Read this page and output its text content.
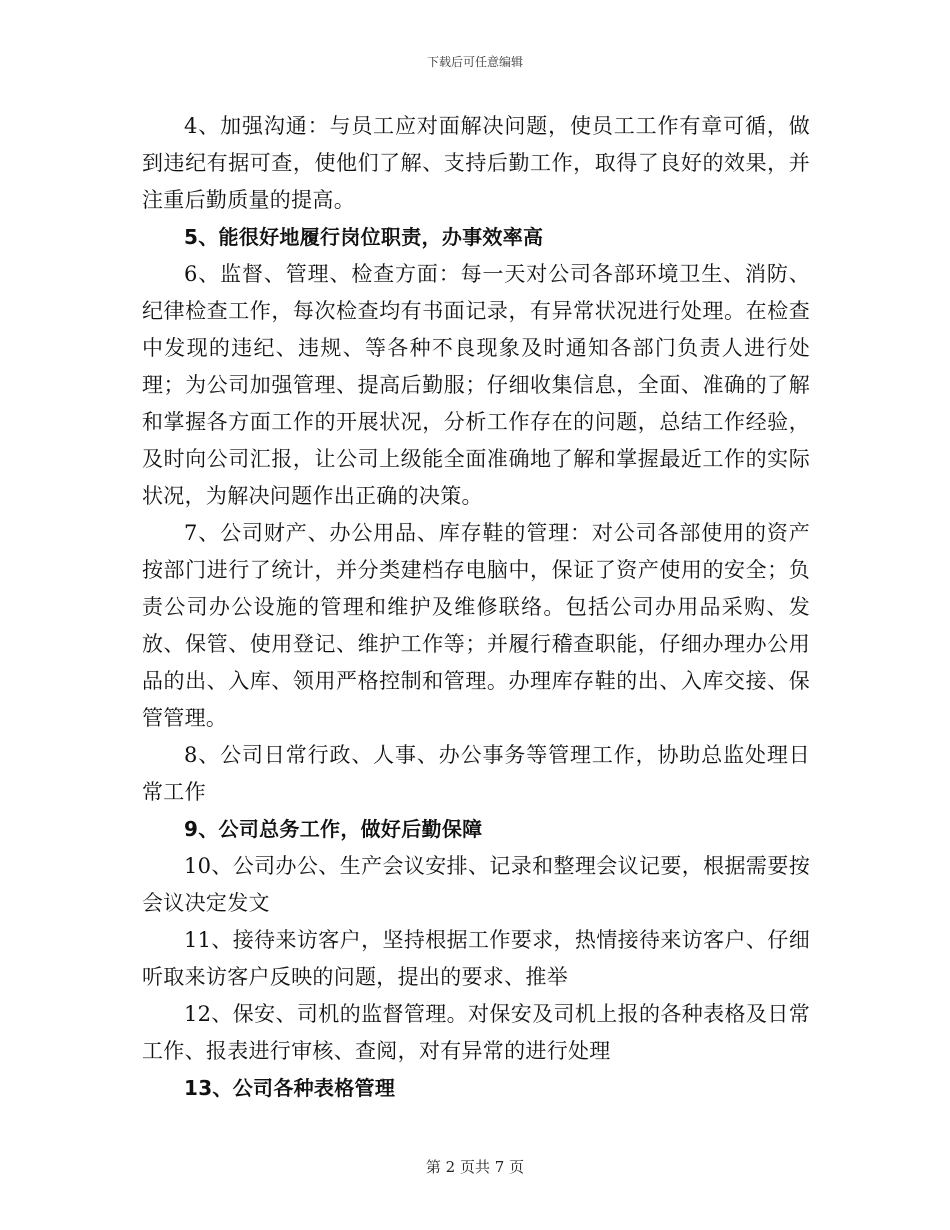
下载后可任意编辑

4、加强沟通：与员工应对面解决问题，使员工工作有章可循，做到违纪有据可查，使他们了解、支持后勤工作，取得了良好的效果，并注重后勤质量的提高。

5、能很好地履行岗位职责，办事效率高

6、监督、管理、检查方面：每一天对公司各部环境卫生、消防、纪律检查工作，每次检查均有书面记录，有异常状况进行处理。在检查中发现的违纪、违规、等各种不良现象及时通知各部门负责人进行处理；为公司加强管理、提高后勤服；仔细收集信息，全面、准确的了解和掌握各方面工作的开展状况，分析工作存在的问题，总结工作经验，及时向公司汇报，让公司上级能全面准确地了解和掌握最近工作的实际状况，为解决问题作出正确的决策。

7、公司财产、办公用品、库存鞋的管理：对公司各部使用的资产按部门进行了统计，并分类建档存电脑中，保证了资产使用的安全；负责公司办公设施的管理和维护及维修联络。包括公司办用品采购、发放、保管、使用登记、维护工作等；并履行稽查职能，仔细办理办公用品的出、入库、领用严格控制和管理。办理库存鞋的出、入库交接、保管管理。

8、公司日常行政、人事、办公事务等管理工作，协助总监处理日常工作

9、公司总务工作，做好后勤保障

10、公司办公、生产会议安排、记录和整理会议记要，根据需要按会议决定发文

11、接待来访客户，坚持根据工作要求，热情接待来访客户、仔细听取来访客户反映的问题，提出的要求、推举

12、保安、司机的监督管理。对保安及司机上报的各种表格及日常工作、报表进行审核、查阅，对有异常的进行处理

13、公司各种表格管理

第 2 页共 7 页
